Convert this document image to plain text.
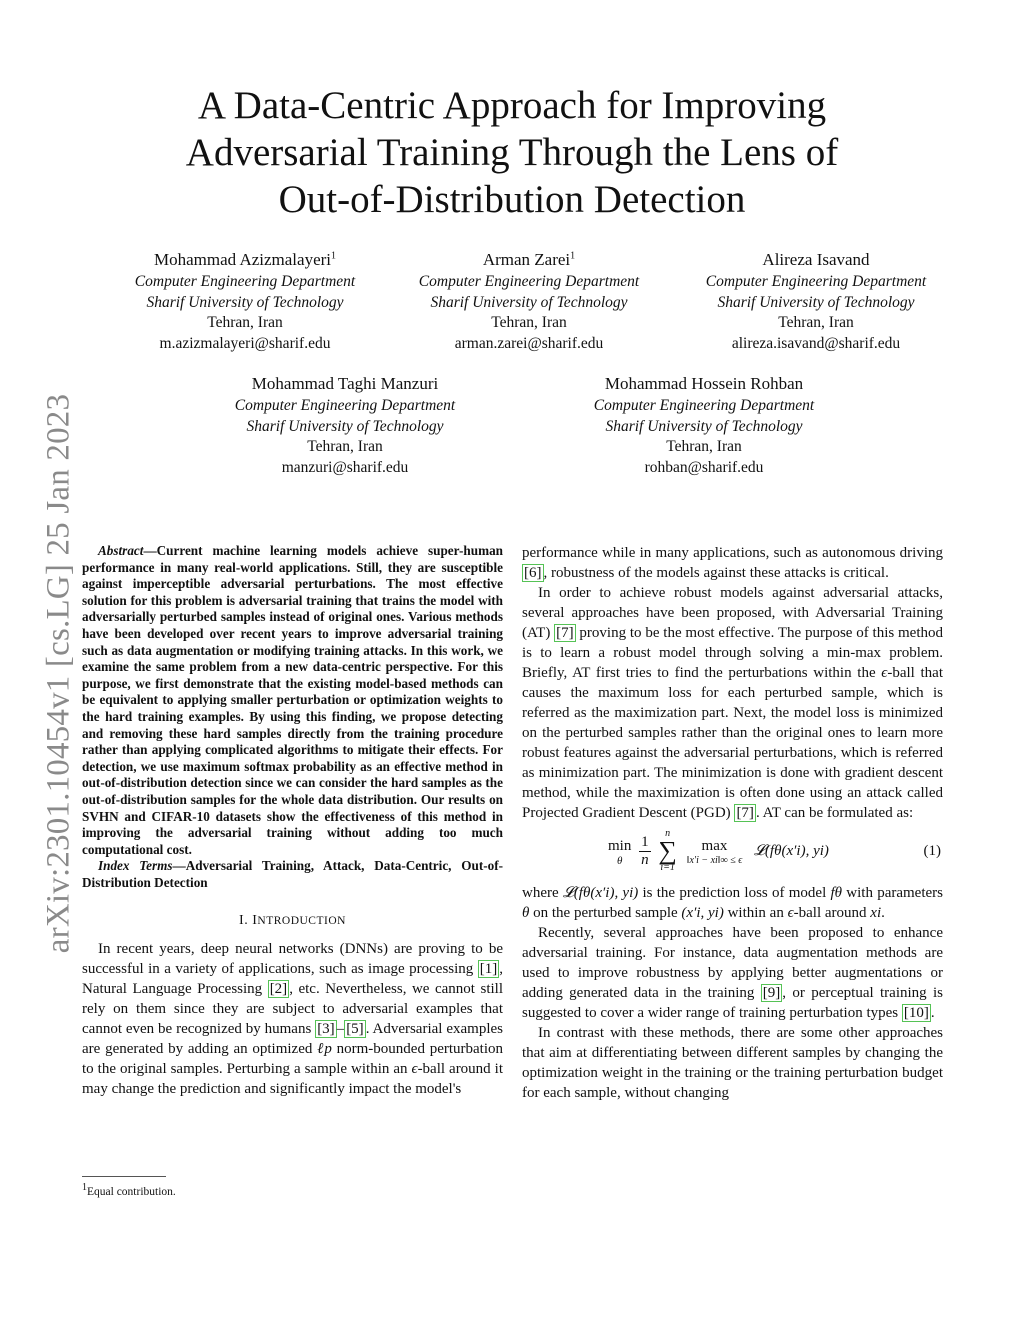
arXiv:2301.10454v1 [cs.LG] 25 Jan 2023
A Data-Centric Approach for Improving
Adversarial Training Through the Lens of
Out-of-Distribution Detection
Mohammad Azizmalayeri$^1$
Computer Engineering Department
Sharif University of Technology
Tehran, Iran
m.azizmalayeri@sharif.edu
Arman Zarei$^1$
Computer Engineering Department
Sharif University of Technology
Tehran, Iran
arman.zarei@sharif.edu
Alireza Isavand
Computer Engineering Department
Sharif University of Technology
Tehran, Iran
alireza.isavand@sharif.edu
Mohammad Taghi Manzuri
Computer Engineering Department
Sharif University of Technology
Tehran, Iran
manzuri@sharif.edu
Mohammad Hossein Rohban
Computer Engineering Department
Sharif University of Technology
Tehran, Iran
rohban@sharif.edu

Abstract—Current machine learning models achieve super-human performance in many real-world applications. Still, they are susceptible against imperceptible adversarial perturbations. The most effective solution for this problem is adversarial training that trains the model with adversarially perturbed samples instead of original ones. Various methods have been developed over recent years to improve adversarial training such as data augmentation or modifying training attacks. In this work, we examine the same problem from a new data-centric perspective. For this purpose, we first demonstrate that the existing model-based methods can be equivalent to applying smaller perturbation or optimization weights to the hard training examples. By using this finding, we propose detecting and removing these hard samples directly from the training procedure rather than applying complicated algorithms to mitigate their effects. For detection, we use maximum softmax probability as an effective method in out-of-distribution detection since we can consider the hard samples as the out-of-distribution samples for the whole data distribution. Our results on SVHN and CIFAR-10 datasets show the effectiveness of this method in improving the adversarial training without adding too much computational cost.

Index Terms—Adversarial Training, Attack, Data-Centric, Out-of-Distribution Detection

I. INTRODUCTION

In recent years, deep neural networks (DNNs) are proving to be successful in a variety of applications, such as image processing [1] , Natural Language Processing [2] , etc. Nevertheless, we cannot still rely on them since they are subject to adversarial examples that cannot even be recognized by humans [3] – [5] . Adversarial examples are generated by adding an optimized ℓp norm-bounded perturbation to the original samples. Perturbing a sample within an ϵ-ball around it may change the prediction and significantly impact the model's

$^1$Equal contribution.

performance while in many applications, such as autonomous driving [6] , robustness of the models against these attacks is critical.

In order to achieve robust models against adversarial attacks, several approaches have been proposed, with Adversarial Training (AT) [7] proving to be the most effective. The purpose of this method is to learn a robust model through solving a min-max problem. Briefly, AT first tries to find the perturbations within the ϵ-ball that causes the maximum loss for each perturbed sample, which is referred as the maximization part. Next, the model loss is minimized on the perturbed samples rather than the original ones to learn more robust features against the adversarial perturbations, which is referred as minimization part. The minimization is done with gradient descent method, while the maximization is often done using an attack called Projected Gradient Descent (PGD) [7] . AT can be formulated as:

min
θ
	$\frac{1}{n}$
	n
∑
i=1

max
‖x′i − xi‖∞ ≤ ϵ
𝓛(fθ(x′i), yi)	(1)

where 𝓛(fθ(x′i), yi) is the prediction loss of model fθ with parameters θ on the perturbed sample (x′i, yi) within an ϵ-ball around xi.

Recently, several approaches have been proposed to enhance adversarial training. For instance, data augmentation methods are used to improve robustness by applying better augmentations or adding generated data in the training [9] , or perceptual training is suggested to cover a wider range of training perturbation types [10] .

In contrast with these methods, there are some other approaches that aim at differentiating between different samples by changing the optimization weight in the training or the training perturbation budget for each sample, without changing
